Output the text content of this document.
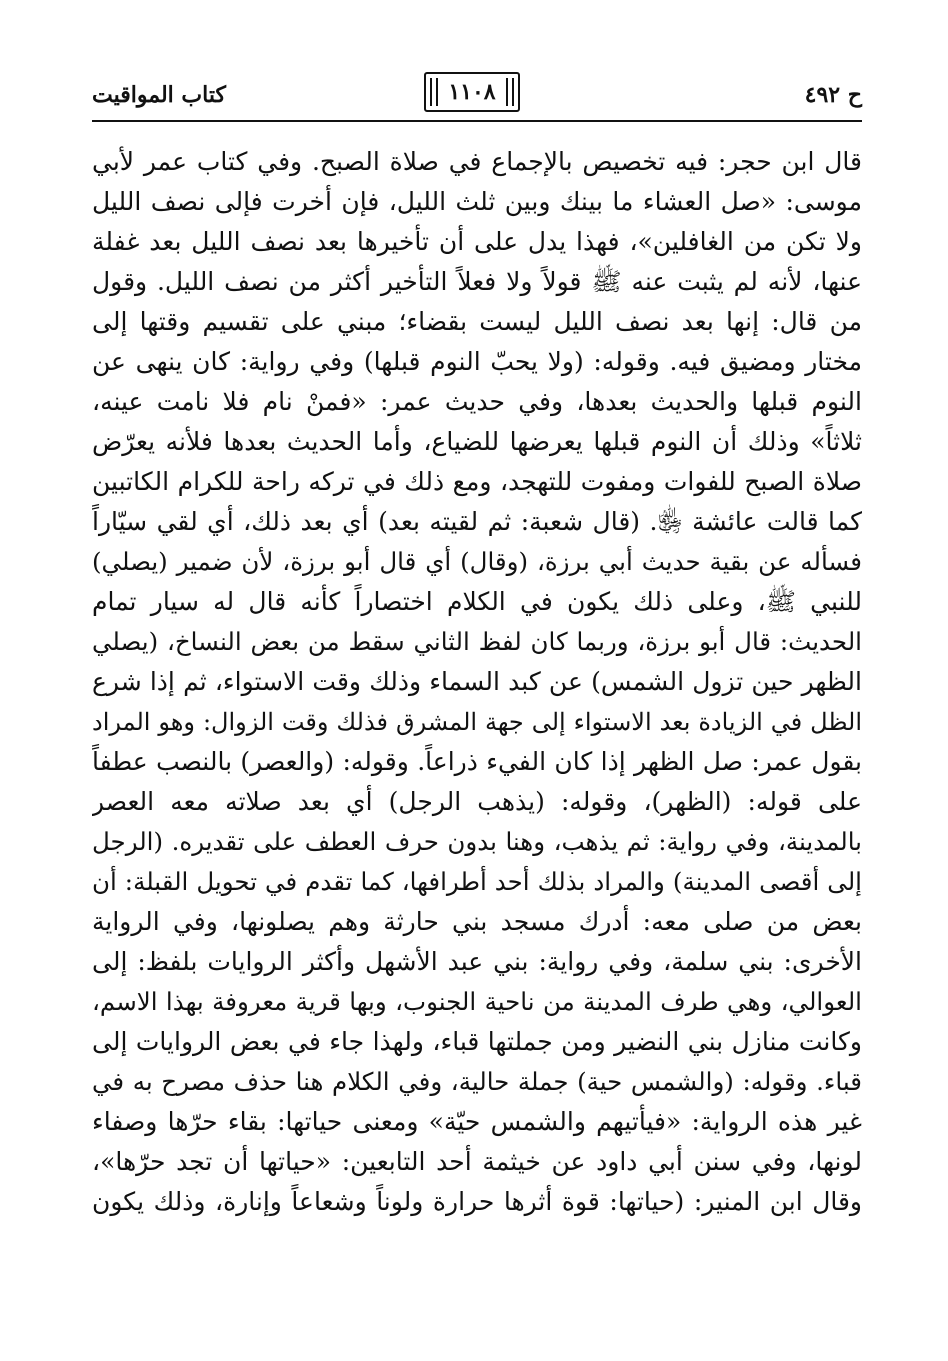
ح ٤٩٢
١١٠٨
كتاب المواقيت
قال ابن حجر: فيه تخصيص بالإجماع في صلاة الصبح. وفي كتاب عمر لأبي
موسى: «صل العشاء ما بينك وبين ثلث الليل، فإن أخرت فإلى نصف الليل
ولا تكن من الغافلين»، فهذا يدل على أن تأخيرها بعد نصف الليل بعد غفلة
عنها، لأنه لم يثبت عنه ﷺ قولاً ولا فعلاً التأخير أكثر من نصف الليل. وقول
من قال: إنها بعد نصف الليل ليست بقضاء؛ مبني على تقسيم وقتها إلى
مختار ومضيق فيه. وقوله: (ولا يحبّ النوم قبلها) وفي رواية: كان ينهى عن
النوم قبلها والحديث بعدها، وفي حديث عمر: «فمنْ نام فلا نامت عينه،
ثلاثاً» وذلك أن النوم قبلها يعرضها للضياع، وأما الحديث بعدها فلأنه يعرّض
صلاة الصبح للفوات ومفوت للتهجد، ومع ذلك في تركه راحة للكرام الكاتبين
كما قالت عائشة ﵂. (قال شعبة: ثم لقيته بعد) أي بعد ذلك، أي لقي سيّاراً
فسأله عن بقية حديث أبي برزة، (وقال) أي قال أبو برزة، لأن ضمير (يصلي)
للنبي ﷺ، وعلى ذلك يكون في الكلام اختصاراً كأنه قال له سيار تمام
الحديث: قال أبو برزة، وربما كان لفظ الثاني سقط من بعض النساخ، (يصلي
الظهر حين تزول الشمس) عن كبد السماء وذلك وقت الاستواء، ثم إذا شرع
الظل في الزيادة بعد الاستواء إلى جهة المشرق فذلك وقت الزوال: وهو المراد
بقول عمر: صل الظهر إذا كان الفيء ذراعاً. وقوله: (والعصر) بالنصب عطفاً
على قوله: (الظهر)، وقوله: (يذهب الرجل) أي بعد صلاته معه العصر
بالمدينة، وفي رواية: ثم يذهب، وهنا بدون حرف العطف على تقديره. (الرجل
إلى أقصى المدينة) والمراد بذلك أحد أطرافها، كما تقدم في تحويل القبلة: أن
بعض من صلى معه: أدرك مسجد بني حارثة وهم يصلونها، وفي الرواية
الأخرى: بني سلمة، وفي رواية: بني عبد الأشهل وأكثر الروايات بلفظ: إلى
العوالي، وهي طرف المدينة من ناحية الجنوب، وبها قرية معروفة بهذا الاسم،
وكانت منازل بني النضير ومن جملتها قباء، ولهذا جاء في بعض الروايات إلى
قباء. وقوله: (والشمس حية) جملة حالية، وفي الكلام هنا حذف مصرح به في
غير هذه الرواية: «فيأتيهم والشمس حيّة» ومعنى حياتها: بقاء حرّها وصفاء
لونها، وفي سنن أبي داود عن خيثمة أحد التابعين: «حياتها أن تجد حرّها»،
وقال ابن المنير: (حياتها: قوة أثرها حرارة ولوناً وشعاعاً وإنارة، وذلك يكون
